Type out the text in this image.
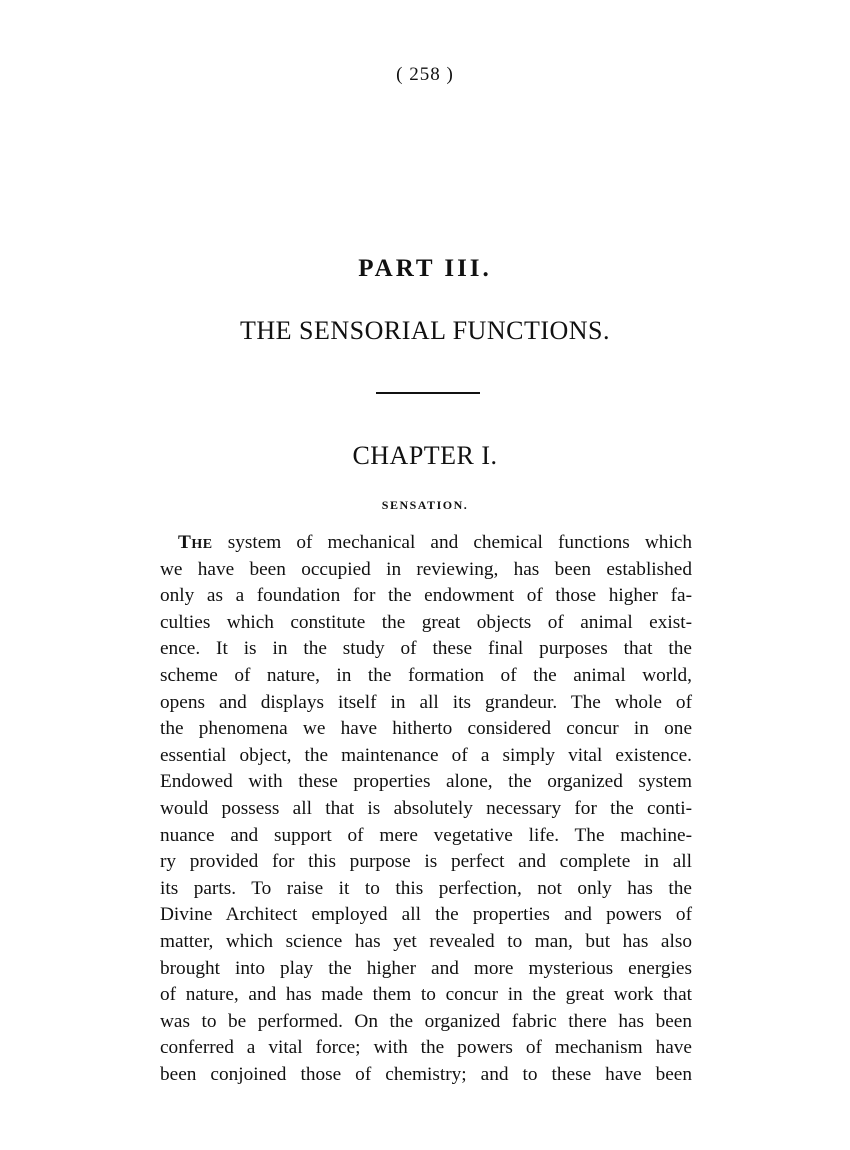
( 258 )
PART III.
THE SENSORIAL FUNCTIONS.
CHAPTER I.
SENSATION.
The system of mechanical and chemical functions which
we have been occupied in reviewing, has been established
only as a foundation for the endowment of those higher fa-
culties which constitute the great objects of animal exist-
ence. It is in the study of these final purposes that the
scheme of nature, in the formation of the animal world,
opens and displays itself in all its grandeur. The whole of
the phenomena we have hitherto considered concur in one
essential object, the maintenance of a simply vital existence.
Endowed with these properties alone, the organized system
would possess all that is absolutely necessary for the conti-
nuance and support of mere vegetative life. The machine-
ry provided for this purpose is perfect and complete in all
its parts. To raise it to this perfection, not only has the
Divine Architect employed all the properties and powers of
matter, which science has yet revealed to man, but has also
brought into play the higher and more mysterious energies
of nature, and has made them to concur in the great work that
was to be performed. On the organized fabric there has been
conferred a vital force; with the powers of mechanism have
been conjoined those of chemistry; and to these have been
